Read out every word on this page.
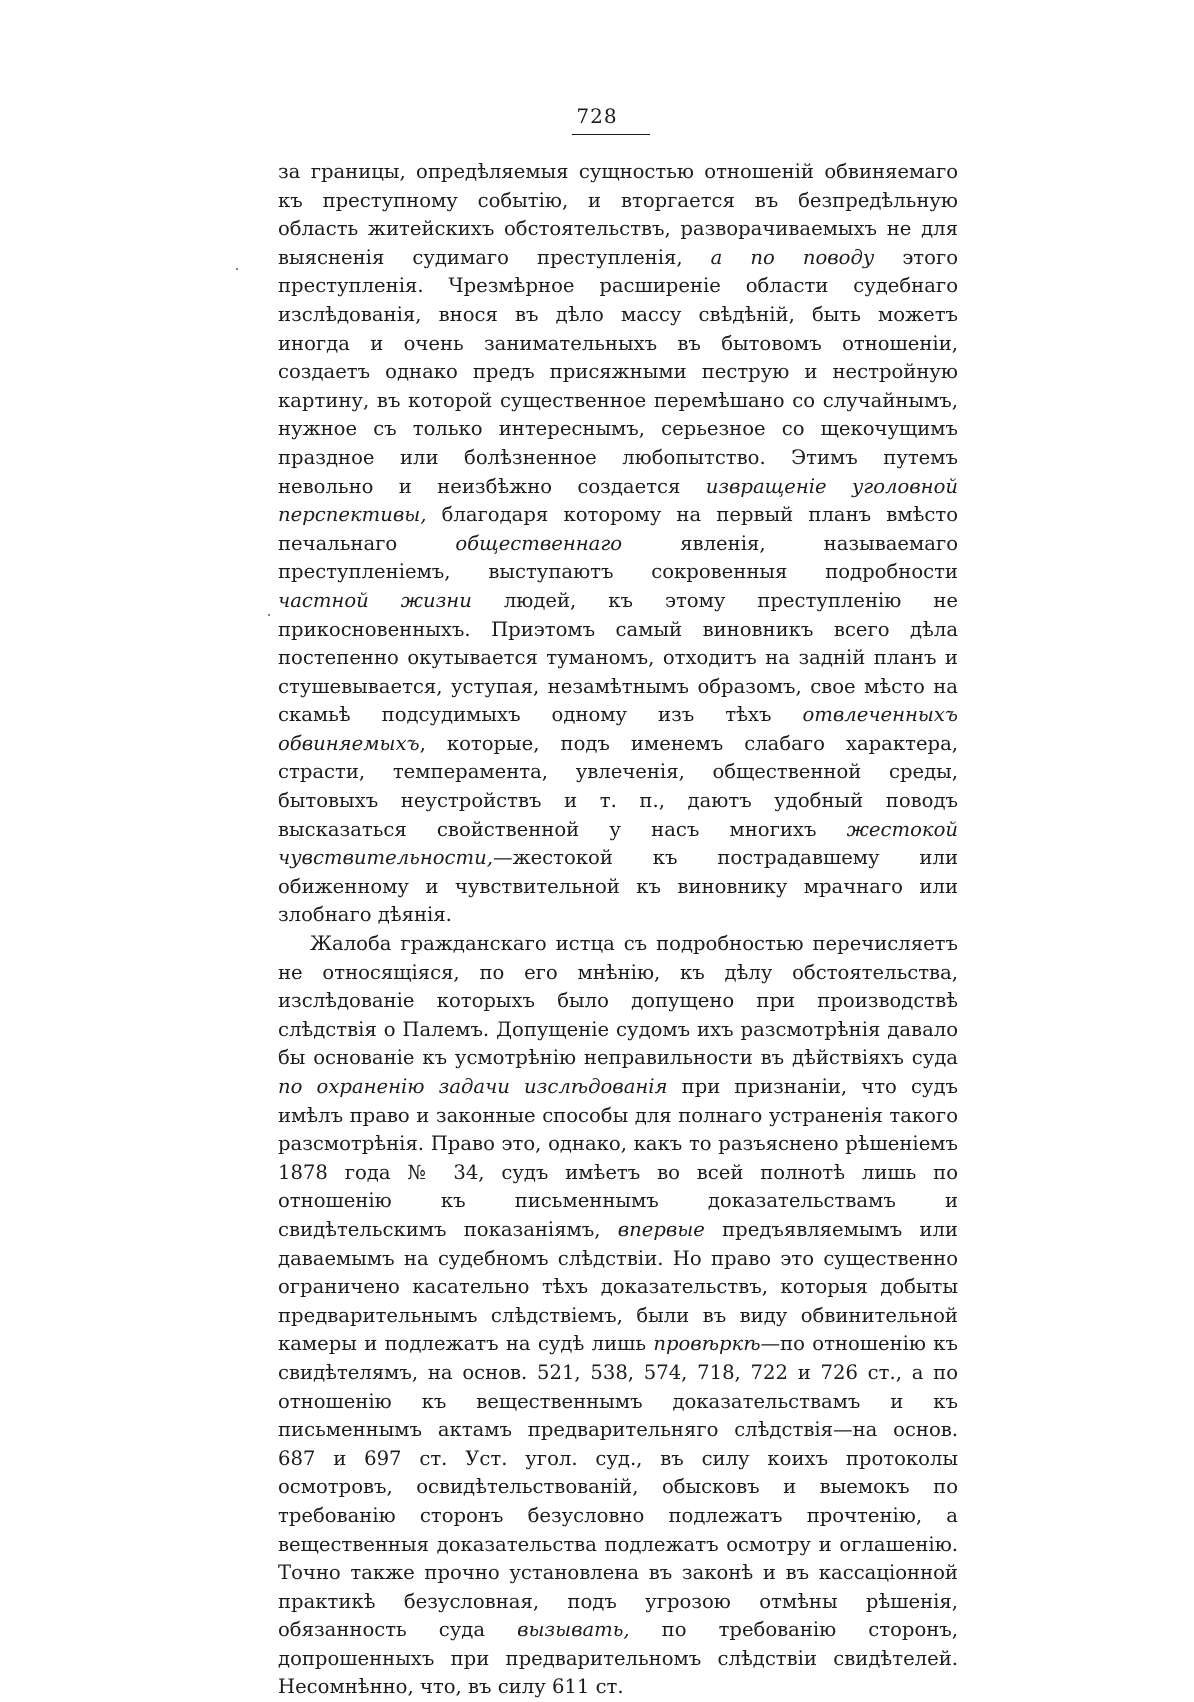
728

за границы, опредѣляемыя сущностью отношеній обвиняемаго къ преступному событію, и вторгается въ безпредѣльную область житейскихъ обстоятельствъ, разворачиваемыхъ не для выясненія судимаго преступленія, а по поводу этого преступленія. Чрезмѣрное расширеніе области судебнаго изслѣдованія, внося въ дѣло массу свѣдѣній, быть можетъ иногда и очень занимательныхъ въ бытовомъ отношеніи, создаетъ однако предъ присяжными пеструю и нестройную картину, въ которой существенное перемѣшано со случайнымъ, нужное съ только интереснымъ, серьезное со щекочущимъ праздное или болѣзненное любопытство. Этимъ путемъ невольно и неизбѣжно создается извращеніе уголовной перспективы, благодаря которому на первый планъ вмѣсто печальнаго общественнаго явленія, называемаго преступленіемъ, выступаютъ сокровенныя подробности частной жизни людей, къ этому преступленію не прикосновенныхъ. Приэтомъ самый виновникъ всего дѣла постепенно окутывается туманомъ, отходитъ на задній планъ и стушевывается, уступая, незамѣтнымъ образомъ, свое мѣсто на скамьѣ подсудимыхъ одному изъ тѣхъ отвлеченныхъ обвиняемыхъ, которые, подъ именемъ слабаго характера, страсти, темперамента, увлеченія, общественной среды, бытовыхъ неустройствъ и т. п., даютъ удобный поводъ высказаться свойственной у насъ многихъ жестокой чувствительности,—жестокой къ пострадавшему или обиженному и чувствительной къ виновнику мрачнаго или злобнаго дѣянія.

Жалоба гражданскаго истца съ подробностью перечисляетъ не относящіяся, по его мнѣнію, къ дѣлу обстоятельства, изслѣдованіе которыхъ было допущено при производствѣ слѣдствія о Палемъ. Допущеніе судомъ ихъ разсмотрѣнія давало бы основаніе къ усмотрѣнію неправильности въ дѣйствіяхъ суда по охраненію задачи изслѣдованія при признаніи, что судъ имѣлъ право и законные способы для полнаго устраненія такого разсмотрѣнія. Право это, однако, какъ то разъяснено рѣшеніемъ 1878 года № 34, судъ имѣетъ во всей полнотѣ лишь по отношенію къ письменнымъ доказательствамъ и свидѣтельскимъ показаніямъ, впервые предъявляемымъ или даваемымъ на судебномъ слѣдствіи. Но право это существенно ограничено касательно тѣхъ доказательствъ, которыя добыты предварительнымъ слѣдствіемъ, были въ виду обвинительной камеры и подлежатъ на судѣ лишь провѣркѣ—по отношенію къ свидѣтелямъ, на основ. 521, 538, 574, 718, 722 и 726 ст., а по отношенію къ вещественнымъ доказательствамъ и къ письменнымъ актамъ предварительняго слѣдствія—на основ. 687 и 697 ст. Уст. угол. суд., въ силу коихъ протоколы осмотровъ, освидѣтельствованій, обысковъ и выемокъ по требованію сторонъ безусловно подлежатъ прочтенію, а вещественныя доказательства подлежатъ осмотру и оглашенію. Точно также прочно установлена въ законѣ и въ кассаціонной практикѣ безусловная, подъ угрозою отмѣны рѣшенія, обязанность суда вызывать, по требованію сторонъ, допрошенныхъ при предварительномъ слѣдствіи свидѣтелей. Несомнѣнно, что, въ силу 611 ст.
